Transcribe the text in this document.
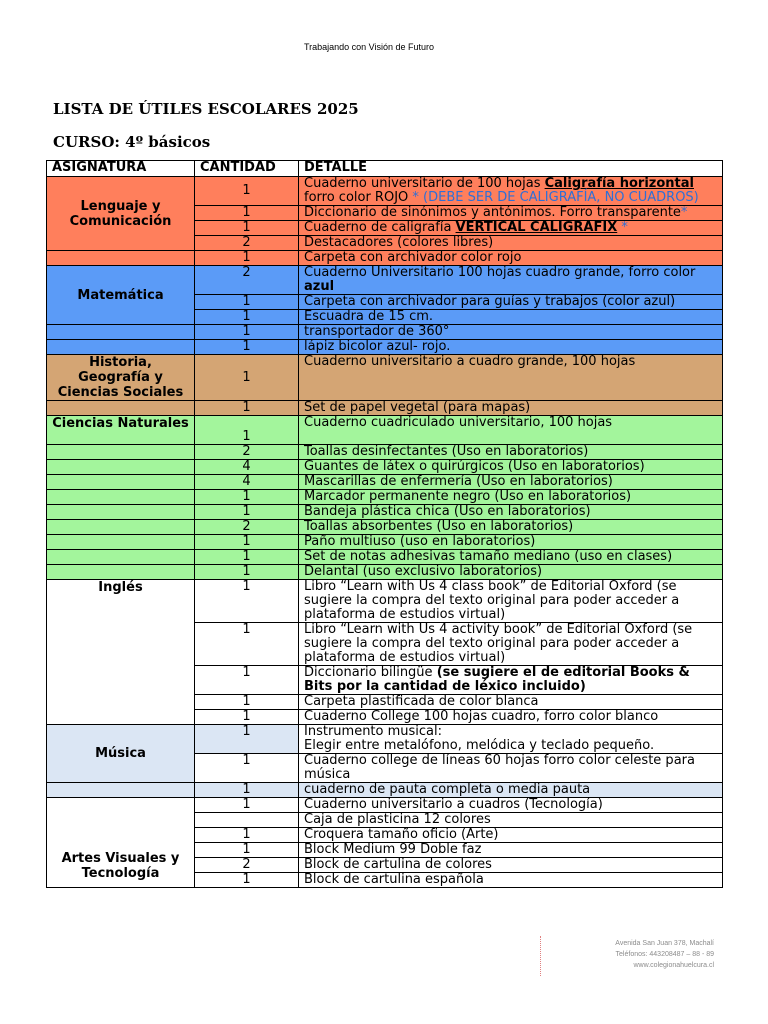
Trabajando con Visión de Futuro
LISTA DE ÚTILES ESCOLARES 2025
CURSO: 4º básicos
ASIGNATURA	CANTIDAD	DETALLE
Lenguaje y Comunicación	1	Cuaderno universitario de 100 hojas Caligrafía horizontal forro color ROJO * (DEBE SER DE CALIGRAFÍA, NO CUADROS)
	1	Diccionario de sinónimos y antónimos. Forro transparente*
	1	Cuaderno de caligrafía VERTICAL CALIGRAFIX *
	2	Destacadores (colores libres)
	1	Carpeta con archivador color rojo
Matemática	2	Cuaderno Universitario 100 hojas cuadro grande, forro color azul
	1	Carpeta con archivador para guías y trabajos (color azul)
	1	Escuadra de 15 cm.
	1	transportador de 360°
	1	lápiz bicolor azul- rojo.
Historia, Geografía y Ciencias Sociales	1	Cuaderno universitario a cuadro grande, 100 hojas
	1	Set de papel vegetal (para mapas)
Ciencias Naturales	1	Cuaderno cuadriculado universitario, 100 hojas
	2	Toallas desinfectantes (Uso en laboratorios)
	4	Guantes de látex o quirúrgicos (Uso en laboratorios)
	4	Mascarillas de enfermería (Uso en laboratorios)
	1	Marcador permanente negro (Uso en laboratorios)
	1	Bandeja plástica chica (Uso en laboratorios)
	2	Toallas absorbentes (Uso en laboratorios)
	1	Paño multiuso (uso en laboratorios)
	1	Set de notas adhesivas tamaño mediano (uso en clases)
	1	Delantal (uso exclusivo laboratorios)
Inglés	1	Libro “Learn with Us 4 class book” de Editorial Oxford (se sugiere la compra del texto original para poder acceder a plataforma de estudios virtual)
	1	Libro “Learn with Us 4 activity book” de Editorial Oxford (se sugiere la compra del texto original para poder acceder a plataforma de estudios virtual)
	1	Diccionario bilingüe (se sugiere el de editorial Books & Bits por la cantidad de léxico incluido)
	1	Carpeta plastificada de color blanca
	1	Cuaderno College 100 hojas cuadro, forro color blanco
Música	1	Instrumento musical:
Elegir entre metalófono, melódica y teclado pequeño.

	1	Cuaderno college de líneas 60 hojas forro color celeste para música
	1	cuaderno de pauta completa o media pauta
Artes Visuales y Tecnología	1	Cuaderno universitario a cuadros (Tecnología)
		Caja de plasticina 12 colores
	1	Croquera tamaño oficio (Arte)
	1	Block Medium 99 Doble faz
	2	Block de cartulina de colores
	1	Block de cartulina española
Avenida San Juan 378, Machalí
Teléfonos: 443208487 – 88 - 89
www.colegionahuelcura.cl
